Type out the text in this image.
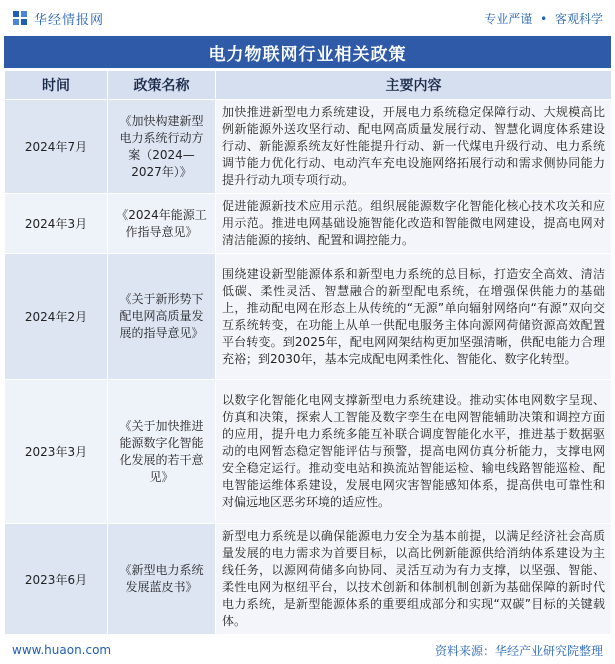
华经情报网	专业严谨 • 客观科学
电力物联网行业相关政策
时间	政策名称	主要内容
2024年7月	《加快构建新型电力系统行动方案（2024—2027年）》	加快推进新型电力系统建设，开展电力系统稳定保障行动、大规模高比例新能源外送攻坚行动、配电网高质量发展行动、智慧化调度体系建设行动、新能源系统友好性能提升行动、新一代煤电升级行动、电力系统调节能力优化行动、电动汽车充电设施网络拓展行动和需求侧协同能力提升行动九项专项行动。
2024年3月	《2024年能源工作指导意见》	促进能源新技术应用示范。组织展能源数字化智能化核心技术攻关和应用示范。推进电网基础设施智能化改造和智能微电网建设，提高电网对清洁能源的接纳、配置和调控能力。
2024年2月	《关于新形势下配电网高质量发展的指导意见》	围绕建设新型能源体系和新型电力系统的总目标，打造安全高效、清洁低碳、柔性灵活、智慧融合的新型配电系统，在增强保供能力的基础上，推动配电网在形态上从传统的“无源”单向辐射网络向“有源”双向交互系统转变，在功能上从单一供配电服务主体向源网荷储资源高效配置平台转变。到2025年，配电网网架结构更加坚强清晰，供配电能力合理充裕；到2030年，基本完成配电网柔性化、智能化、数字化转型。
2023年3月	《关于加快推进能源数字化智能化发展的若干意见》	以数字化智能化电网支撑新型电力系统建设。推动实体电网数字呈现、仿真和决策，探索人工智能及数字孪生在电网智能辅助决策和调控方面的应用，提升电力系统多能互补联合调度智能化水平，推进基于数据驱动的电网暂态稳定智能评估与预警，提高电网仿真分析能力，支撑电网安全稳定运行。推动变电站和换流站智能运检、输电线路智能巡检、配电智能运维体系建设，发展电网灾害智能感知体系，提高供电可靠性和对偏远地区恶劣环境的适应性。
2023年6月	《新型电力系统发展蓝皮书》	新型电力系统是以确保能源电力安全为基本前提，以满足经济社会高质量发展的电力需求为首要目标，以高比例新能源供给消纳体系建设为主线任务，以源网荷储多向协同、灵活互动为有力支撑，以坚强、智能、柔性电网为枢纽平台，以技术创新和体制机制创新为基础保障的新时代电力系统，是新型能源体系的重要组成部分和实现“双碳”目标的关键载体。
www.huaon.com	资料来源：华经产业研究院整理
